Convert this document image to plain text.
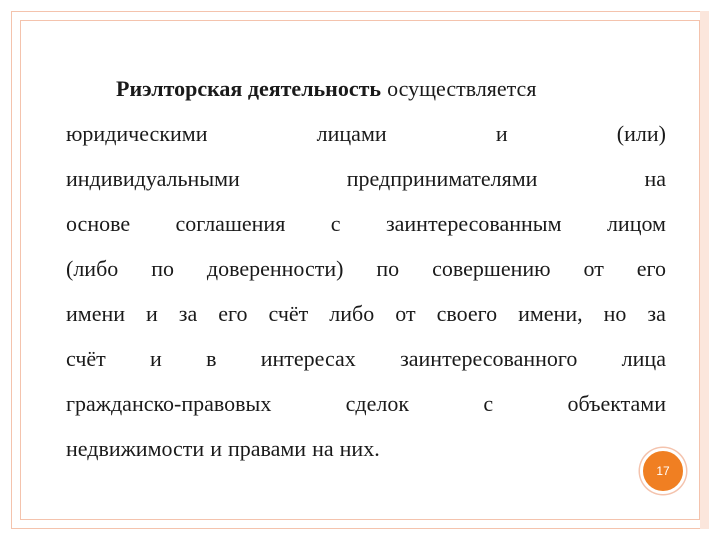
Риэлторская деятельность осуществляется
юридическими	лицами	и	(или)
индивидуальными	предпринимателями	на
основе соглашения с заинтересованным лицом
(либо по доверенности) по совершению от его
имени и за его счёт либо от своего имени, но за
счёт и в интересах заинтересованного лица
гражданско-правовых	сделок	с	объектами
недвижимости и правами на них.
17
